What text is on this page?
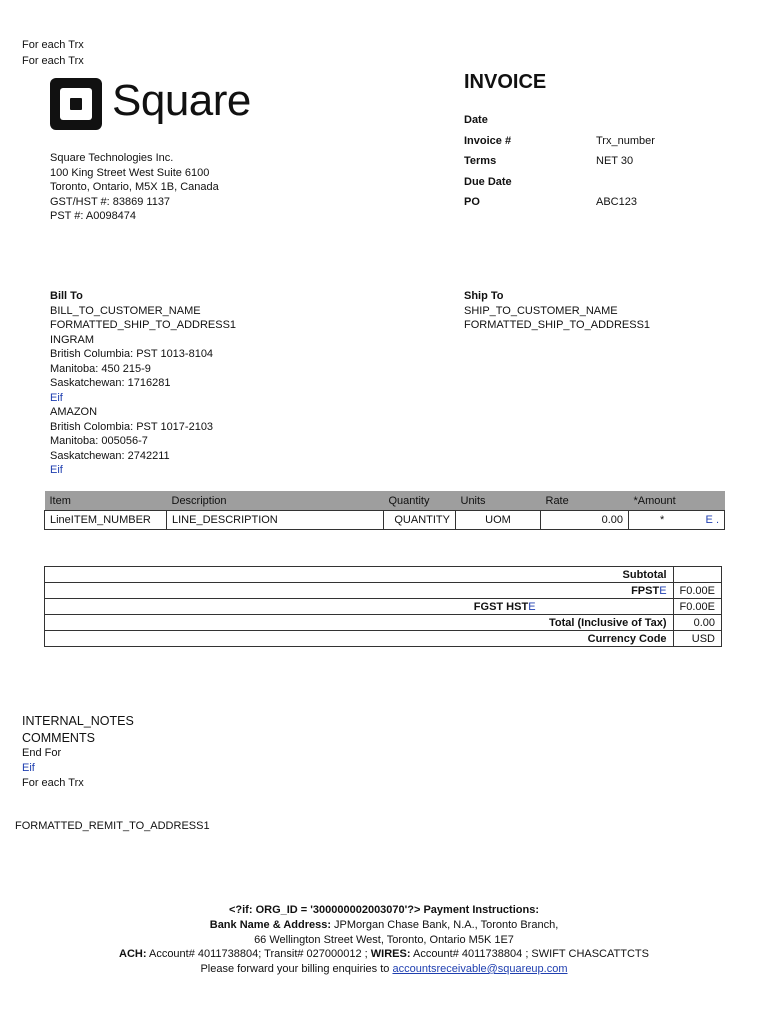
For each Trx
For each Trx
Square
Square Technologies Inc.
100 King Street West Suite 6100
Toronto, Ontario, M5X 1B, Canada
GST/HST #: 83869 1137
PST #: A0098474
INVOICE
Date
Invoice #	Trx_number
Terms	NET 30
Due Date
PO	ABC123
Bill To
BILL_TO_CUSTOMER_NAME
FORMATTED_SHIP_TO_ADDRESS1
INGRAM
British Columbia: PST 1013-8104
Manitoba: 450 215-9
Saskatchewan: 1716281
Eif
AMAZON
British Colombia: PST 1017-2103
Manitoba: 005056-7
Saskatchewan: 2742211
Eif
Ship To
SHIP_TO_CUSTOMER_NAME
FORMATTED_SHIP_TO_ADDRESS1
Item	Description	Quantity	Units	Rate	*Amount
LineITEM_NUMBER	LINE_DESCRIPTION	QUANTITY	UOM	0.00	* E .
Subtotal	
FPSTE	F0.00E
FGST HSTE	F0.00E
Total (Inclusive of Tax)	0.00
Currency Code	USD
INTERNAL_NOTES
COMMENTS
End For
Eif
For each Trx
FORMATTED_REMIT_TO_ADDRESS1
<?if: ORG_ID = '300000002003070'?> Payment Instructions:
Bank Name & Address: JPMorgan Chase Bank, N.A., Toronto Branch,
66 Wellington Street West, Toronto, Ontario M5K 1E7
ACH: Account# 4011738804; Transit# 027000012 ; WIRES: Account# 4011738804 ; SWIFT CHASCATTCTS
Please forward your billing enquiries to accountsreceivable@squareup.com
